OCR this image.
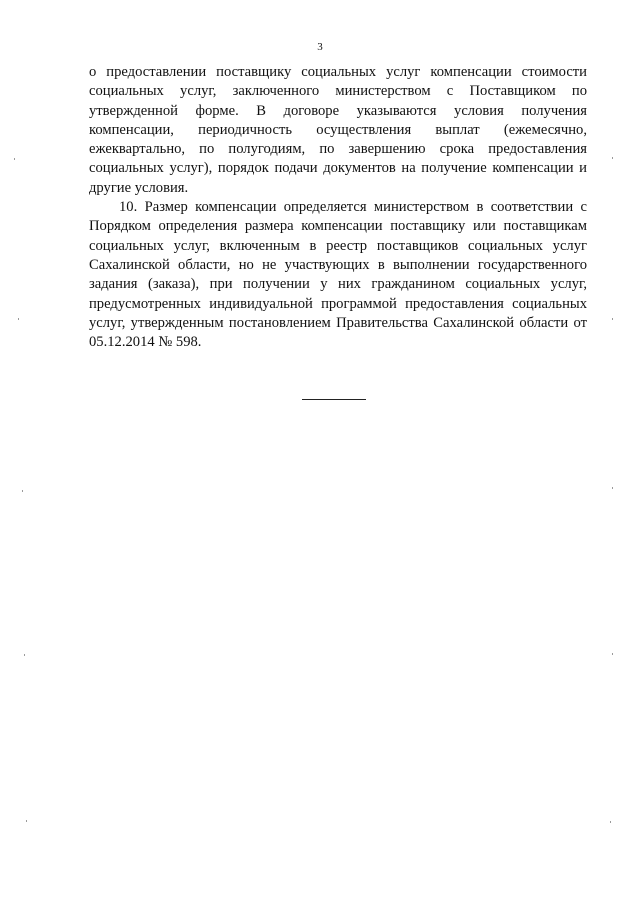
3

о предоставлении поставщику социальных услуг компенсации стоимости социальных услуг, заключенного министерством с Поставщиком по утвержденной форме. В договоре указываются условия получения компенсации, периодичность осуществления выплат (ежемесячно, ежеквартально, по полугодиям, по завершению срока предоставления социальных услуг), порядок подачи документов на получение компенсации и другие условия.

10. Размер компенсации определяется министерством в соответствии с Порядком определения размера компенсации поставщику или поставщикам социальных услуг, включенным в реестр поставщиков социальных услуг Сахалинской области, но не участвующих в выполнении государственного задания (заказа), при получении у них гражданином социальных услуг, предусмотренных индивидуальной программой предоставления социальных услуг, утвержденным постановлением Правительства Сахалинской области от 05.12.2014 № 598.
